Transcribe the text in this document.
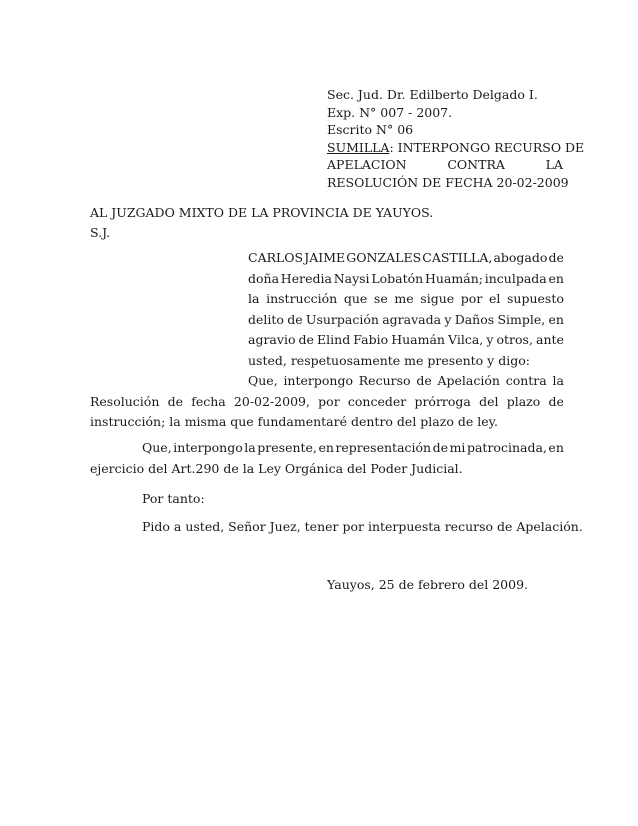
Sec. Jud. Dr. Edilberto Delgado I.
Exp. N° 007 - 2007.
Escrito N° 06
SUMILLA: INTERPONGO RECURSO DE
APELACION	CONTRA	LA
RESOLUCIÓN DE FECHA 20-02-2009
AL JUZGADO MIXTO DE LA PROVINCIA DE YAUYOS.
S.J.
CARLOS JAIME GONZALES CASTILLA, abogado de
doña Heredia Naysi Lobatón Huamán; inculpada en
la instrucción que se me sigue por el supuesto
delito de Usurpación agravada y Daños Simple, en
agravio de Elind Fabio Huamán Vilca, y otros, ante
usted, respetuosamente me presento y digo:
Que, interpongo Recurso de Apelación contra la
Resolución de fecha 20-02-2009, por conceder prórroga del plazo de
instrucción; la misma que fundamentaré dentro del plazo de ley.
Que, interpongo la presente, en representación de mi patrocinada, en
ejercicio del Art.290 de la Ley Orgánica del Poder Judicial.
Por tanto:
Pido a usted, Señor Juez, tener por interpuesta recurso de Apelación.
Yauyos, 25 de febrero del 2009.
